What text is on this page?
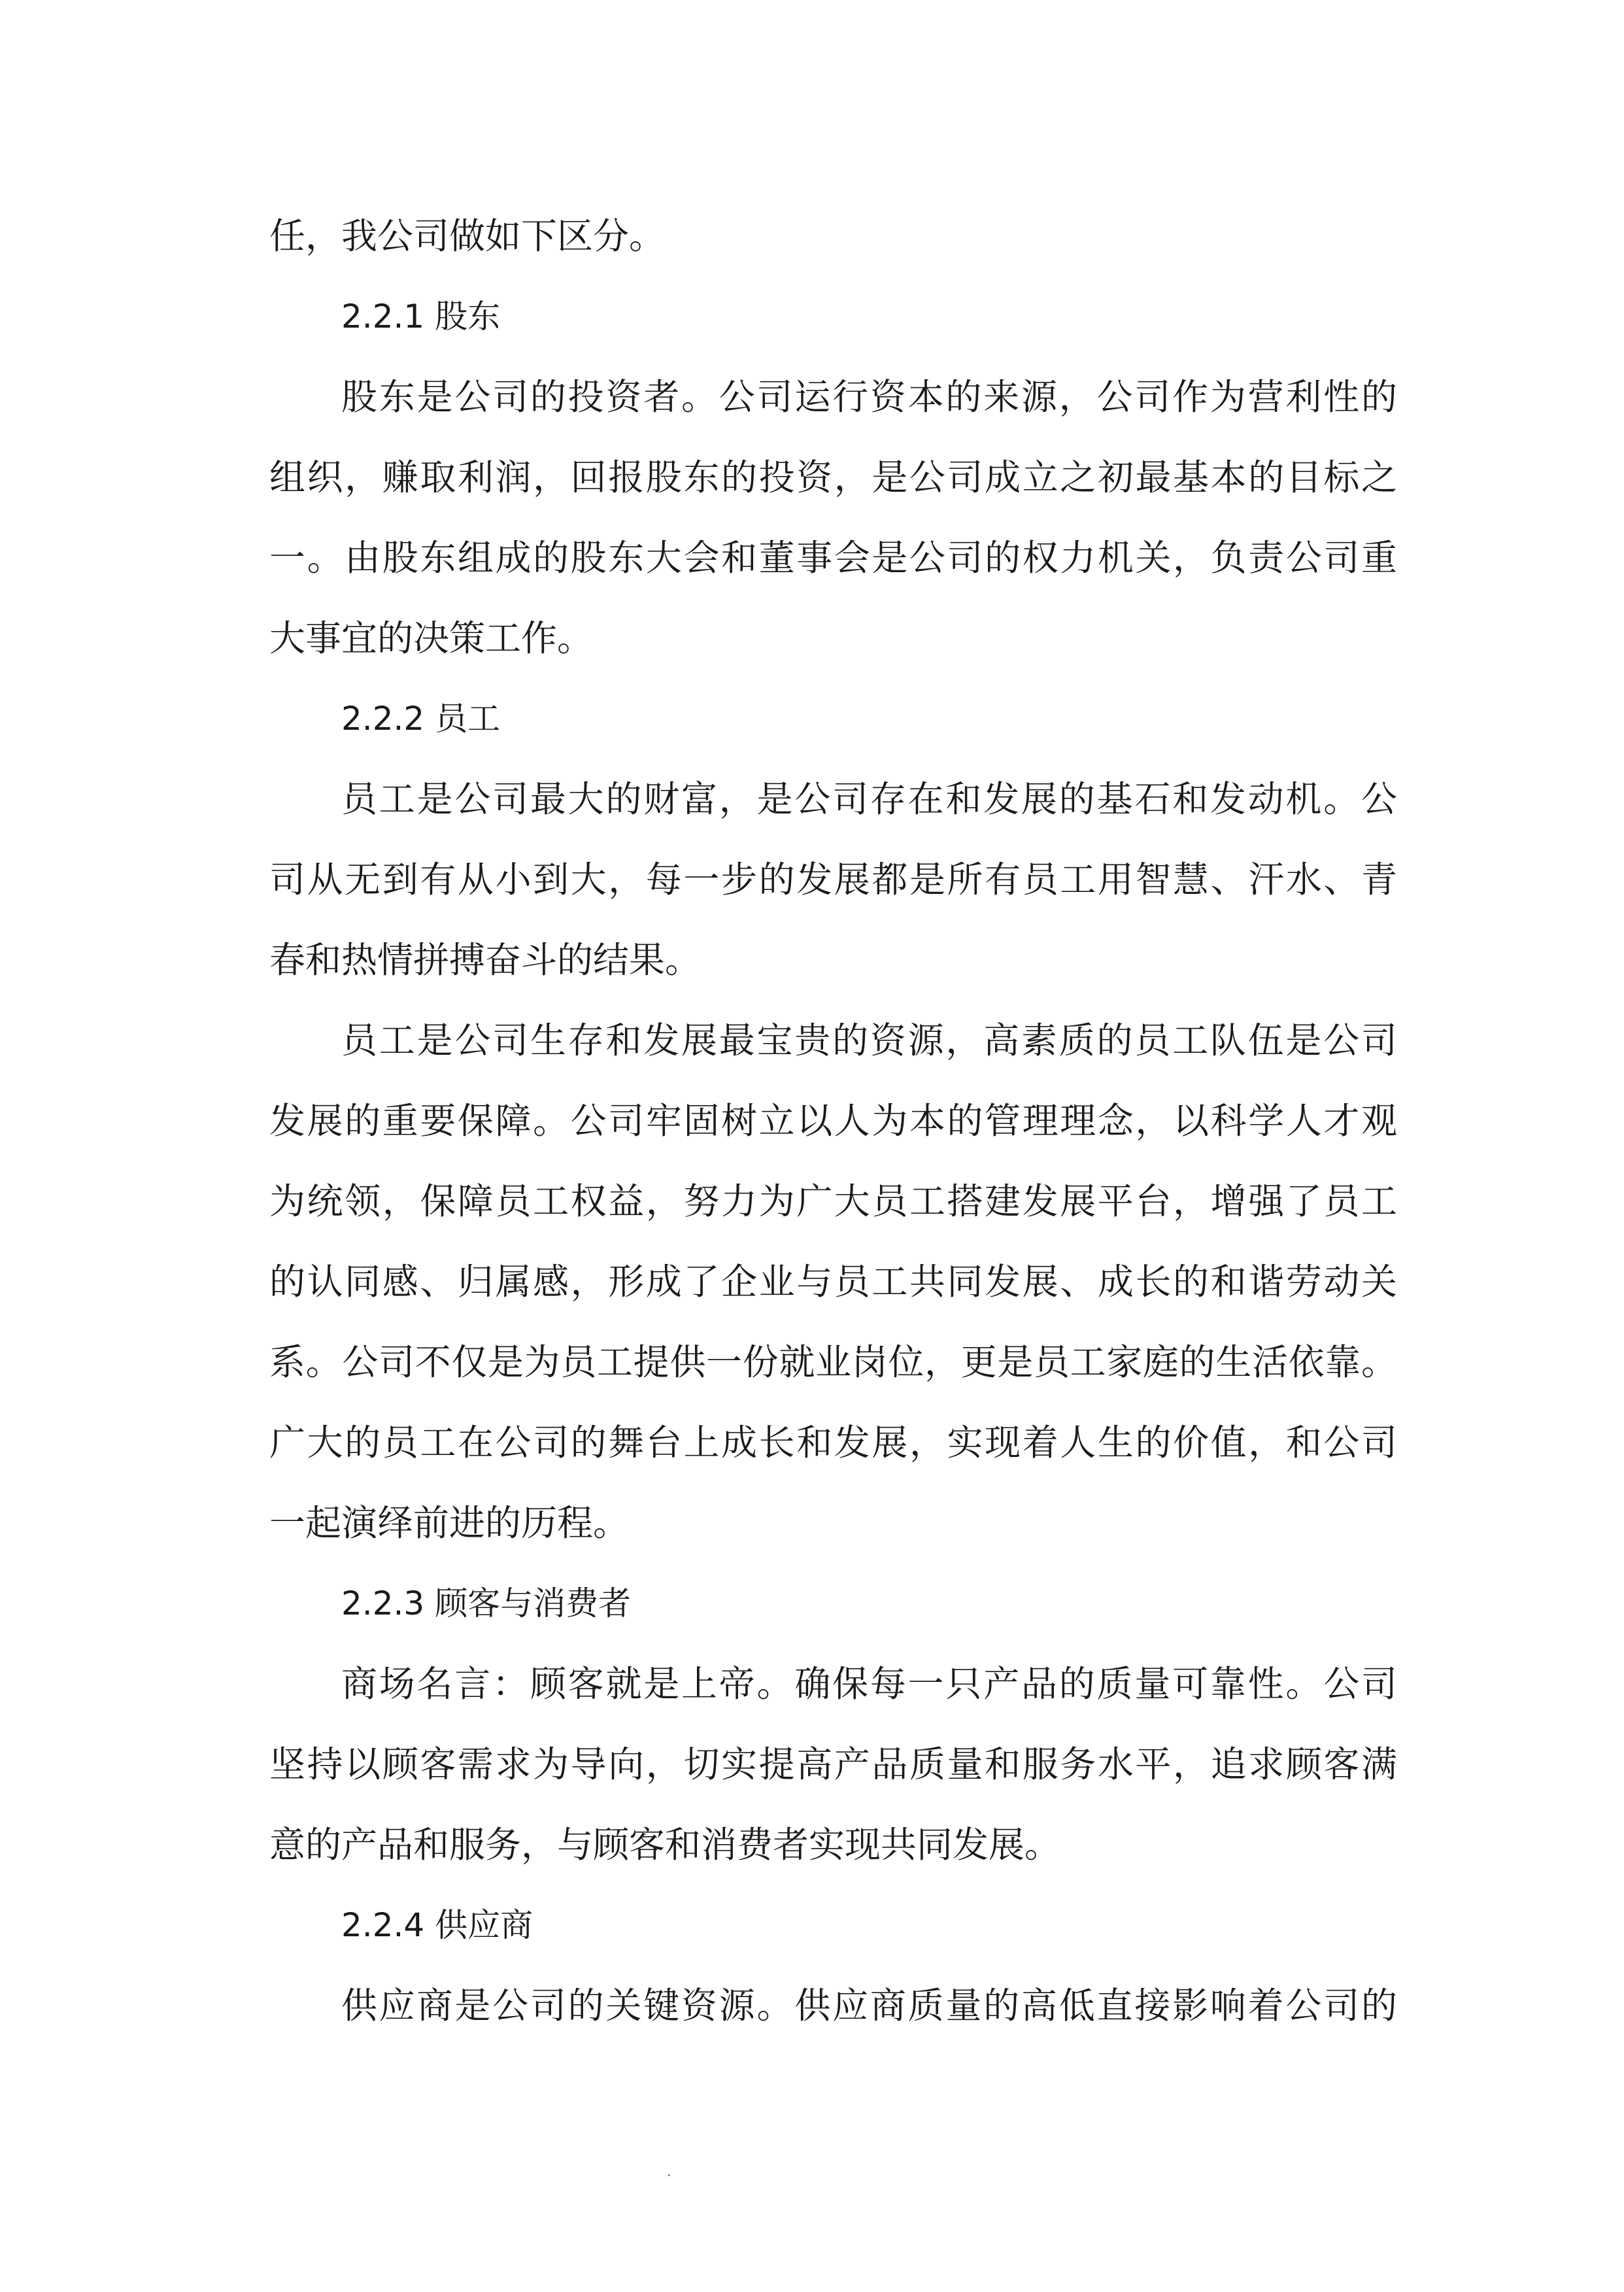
任，我公司做如下区分。
2.2.1 股东
股东是公司的投资者。公司运行资本的来源，公司作为营利性的
组织，赚取利润，回报股东的投资，是公司成立之初最基本的目标之
一。由股东组成的股东大会和董事会是公司的权力机关，负责公司重
大事宜的决策工作。
2.2.2 员工
员工是公司最大的财富，是公司存在和发展的基石和发动机。公
司从无到有从小到大，每一步的发展都是所有员工用智慧、汗水、青
春和热情拼搏奋斗的结果。
员工是公司生存和发展最宝贵的资源，高素质的员工队伍是公司
发展的重要保障。公司牢固树立以人为本的管理理念，以科学人才观
为统领，保障员工权益，努力为广大员工搭建发展平台，增强了员工
的认同感、归属感，形成了企业与员工共同发展、成长的和谐劳动关
系。公司不仅是为员工提供一份就业岗位，更是员工家庭的生活依靠。
广大的员工在公司的舞台上成长和发展，实现着人生的价值，和公司
一起演绎前进的历程。
2.2.3 顾客与消费者
商场名言：顾客就是上帝。确保每一只产品的质量可靠性。公司
坚持以顾客需求为导向，切实提高产品质量和服务水平，追求顾客满
意的产品和服务，与顾客和消费者实现共同发展。
2.2.4 供应商
供应商是公司的关键资源。供应商质量的高低直接影响着公司的
